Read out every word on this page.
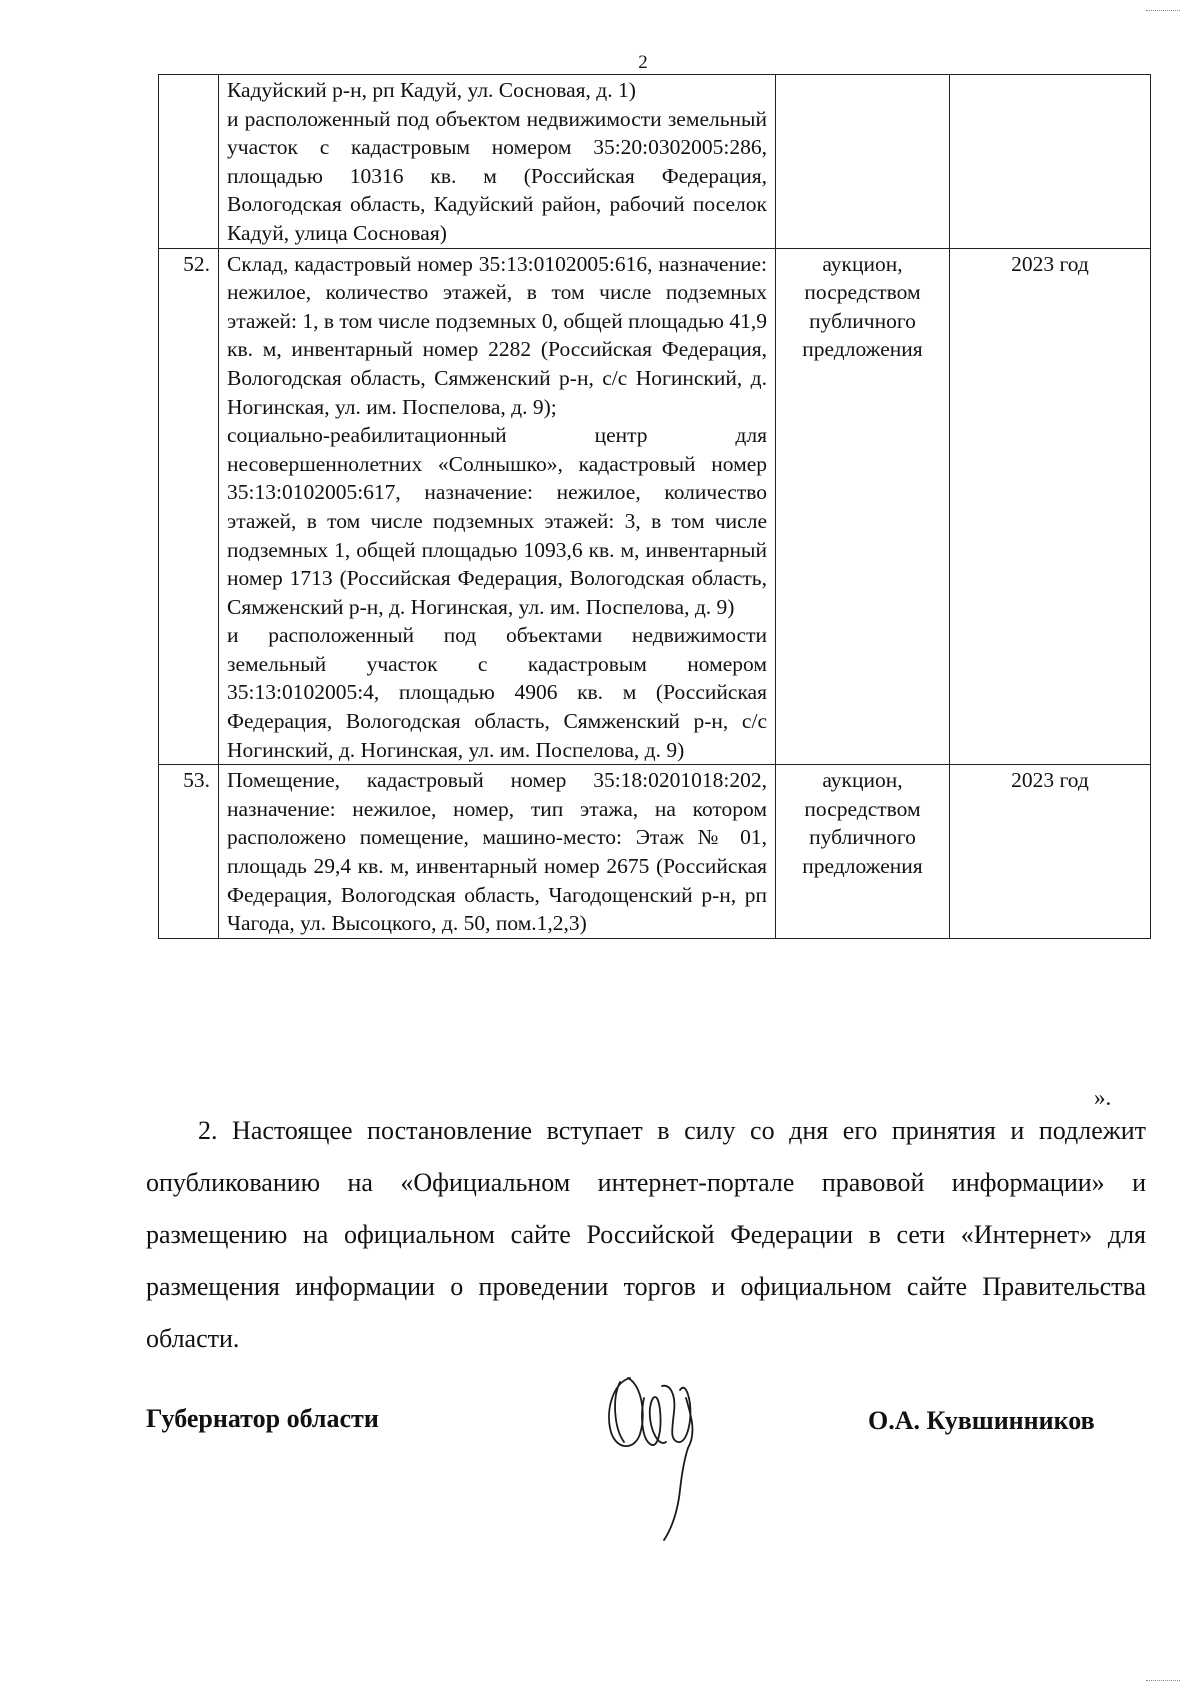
2

	Кадуйский р-н, рп Кадуй, ул. Сосновая, д. 1)
и расположенный под объектом недвижимости земельный участок с кадастровым номером 35:20:0302005:286, площадью 10316 кв. м (Российская Федерация, Вологодская область, Кадуйский район, рабочий поселок Кадуй, улица Сосновая)		

52.	Склад, кадастровый номер 35:13:0102005:616, назначение: нежилое, количество этажей, в том числе подземных этажей: 1, в том числе подземных 0, общей площадью 41,9 кв. м, инвентарный номер 2282 (Российская Федерация, Вологодская область, Сямженский р-н, с/с Ногинский, д. Ногинская, ул. им. Поспелова, д. 9);
социально-реабилитационный центр для несовершеннолетних «Солнышко», кадастровый номер 35:13:0102005:617, назначение: нежилое, количество этажей, в том числе подземных этажей: 3, в том числе подземных 1, общей площадью 1093,6 кв. м, инвентарный номер 1713 (Российская Федерация, Вологодская область, Сямженский р-н, д. Ногинская, ул. им. Поспелова, д. 9)
и расположенный под объектами недвижимости земельный участок с кадастровым номером 35:13:0102005:4, площадью 4906 кв. м (Российская Федерация, Вологодская область, Сямженский р-н, с/с Ногинский, д. Ногинская, ул. им. Поспелова, д. 9)	аукцион, посредством публичного предложения	2023 год
53.	Помещение, кадастровый номер 35:18:0201018:202, назначение: нежилое, номер, тип этажа, на котором расположено помещение, машино-место: Этаж № 01, площадь 29,4 кв. м, инвентарный номер 2675 (Российская Федерация, Вологодская область, Чагодощенский р-н, рп Чагода, ул. Высоцкого, д. 50, пом.1,2,3)	аукцион, посредством публичного предложения	2023 год
».

2. Настоящее постановление вступает в силу со дня его принятия и подлежит опубликованию на «Официальном интернет-портале правовой информации» и размещению на официальном сайте Российской Федерации в сети «Интернет» для размещения информации о проведении торгов и официальном сайте Правительства области.

Губернатор области	О.А. Кувшинников
